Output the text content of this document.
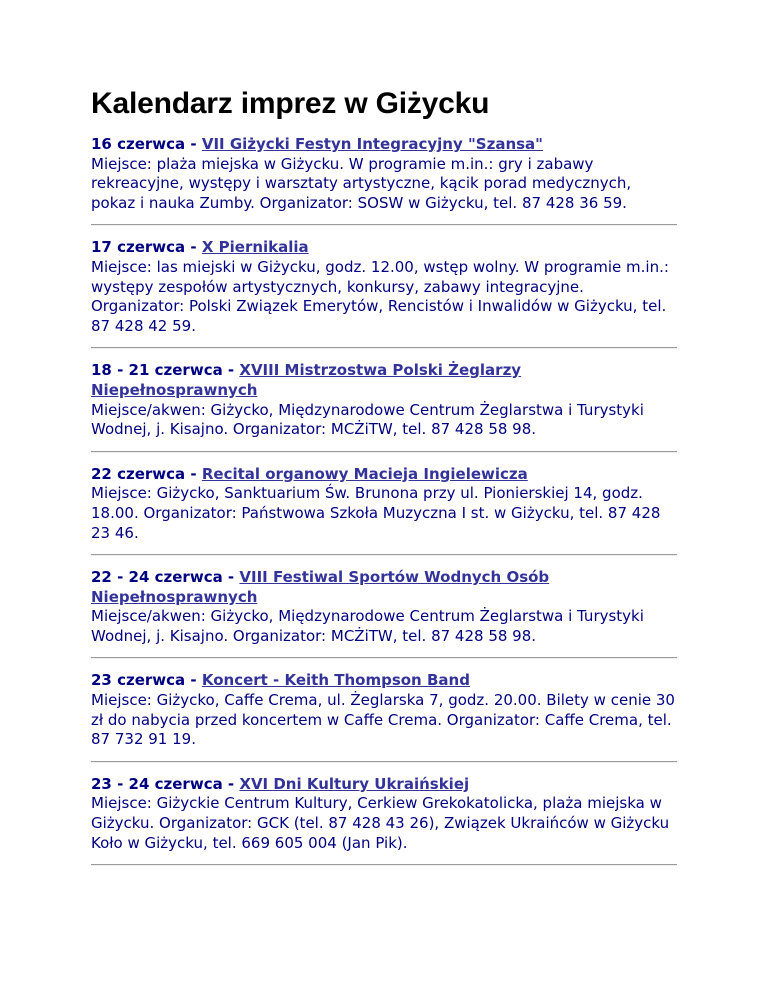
Kalendarz imprez w Giżycku
16 czerwca - VII Giżycki Festyn Integracyjny "Szansa"
Miejsce: plaża miejska w Giżycku. W programie m.in.: gry i zabawy rekreacyjne, występy i warsztaty artystyczne, kącik porad medycznych, pokaz i nauka Zumby. Organizator: SOSW w Giżycku, tel. 87 428 36 59.
17 czerwca - X Piernikalia
Miejsce: las miejski w Giżycku, godz. 12.00, wstęp wolny. W programie m.in.: występy zespołów artystycznych, konkursy, zabawy integracyjne. Organizator: Polski Związek Emerytów, Rencistów i Inwalidów w Giżycku, tel. 87 428 42 59.
18 - 21 czerwca - XVIII Mistrzostwa Polski Żeglarzy Niepełnosprawnych
Miejsce/akwen: Giżycko, Międzynarodowe Centrum Żeglarstwa i Turystyki Wodnej, j. Kisajno. Organizator: MCŻiTW, tel. 87 428 58 98.
22 czerwca - Recital organowy Macieja Ingielewicza
Miejsce: Giżycko, Sanktuarium Św. Brunona przy ul. Pionierskiej 14, godz. 18.00. Organizator: Państwowa Szkoła Muzyczna I st. w Giżycku, tel. 87 428 23 46.
22 - 24 czerwca - VIII Festiwal Sportów Wodnych Osób Niepełnosprawnych
Miejsce/akwen: Giżycko, Międzynarodowe Centrum Żeglarstwa i Turystyki Wodnej, j. Kisajno. Organizator: MCŻiTW, tel. 87 428 58 98.
23 czerwca - Koncert - Keith Thompson Band
Miejsce: Giżycko, Caffe Crema, ul. Żeglarska 7, godz. 20.00. Bilety w cenie 30 zł do nabycia przed koncertem w Caffe Crema. Organizator: Caffe Crema, tel. 87 732 91 19.
23 - 24 czerwca - XVI Dni Kultury Ukraińskiej
Miejsce: Giżyckie Centrum Kultury, Cerkiew Grekokatolicka, plaża miejska w Giżycku. Organizator: GCK (tel. 87 428 43 26), Związek Ukraińców w Giżycku Koło w Giżycku, tel. 669 605 004 (Jan Pik).
